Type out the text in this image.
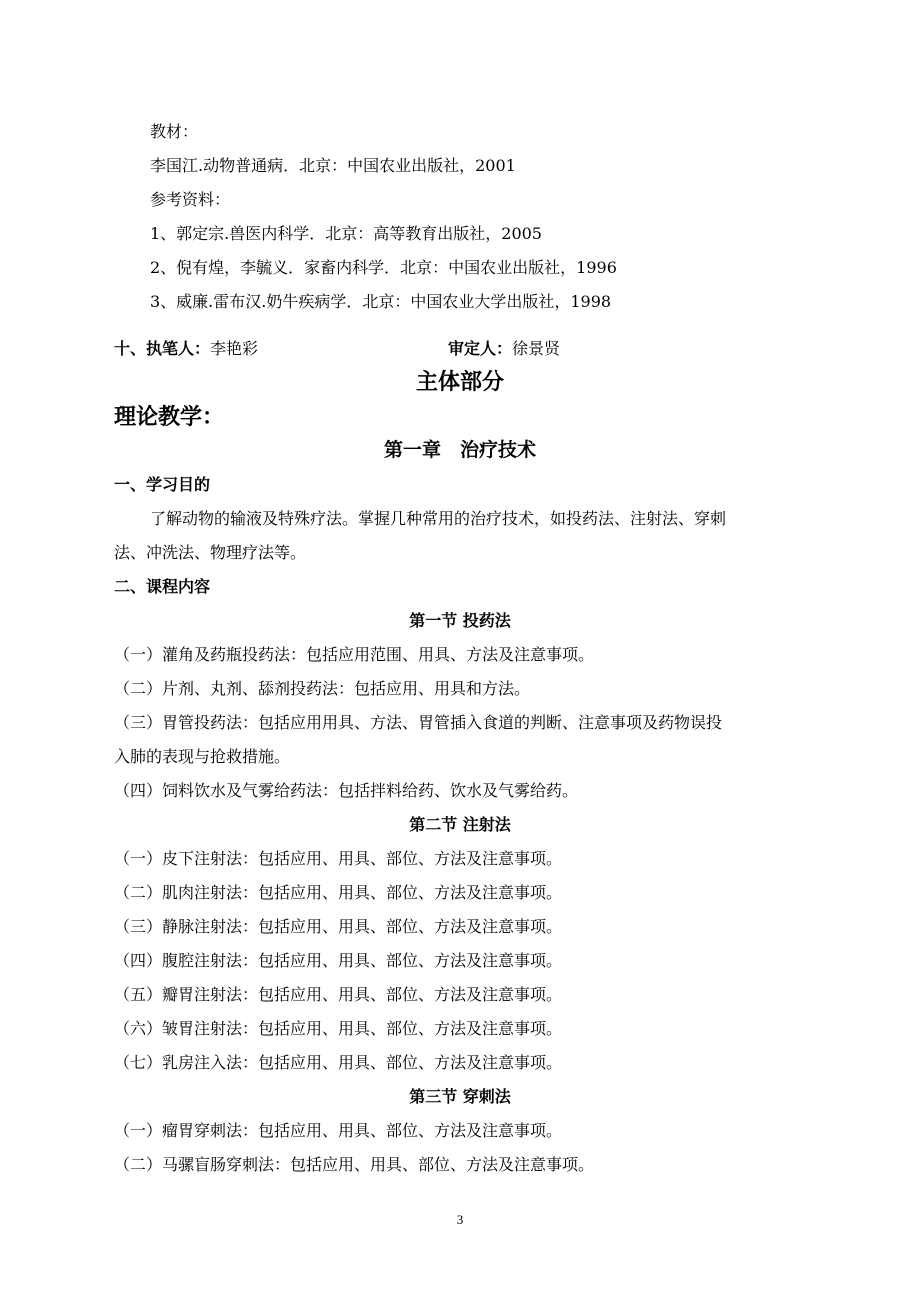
教材：
李国江.动物普通病．北京：中国农业出版社，2001
参考资料：
1、郭定宗.兽医内科学．北京：高等教育出版社，2005
2、倪有煌，李毓义．家畜内科学．北京：中国农业出版社，1996
3、威廉.雷布汉.奶牛疾病学．北京：中国农业大学出版社，1998
十、执笔人：李艳彩	审定人：徐景贤
主体部分
理论教学：
第一章　治疗技术
一、学习目的
了解动物的输液及特殊疗法。掌握几种常用的治疗技术，如投药法、注射法、穿刺
法、冲洗法、物理疗法等。
二、课程内容
第一节 投药法
（一）灌角及药瓶投药法：包括应用范围、用具、方法及注意事项。
（二）片剂、丸剂、舔剂投药法：包括应用、用具和方法。
（三）胃管投药法：包括应用用具、方法、胃管插入食道的判断、注意事项及药物误投
入肺的表现与抢救措施。
（四）饲料饮水及气雾给药法：包括拌料给药、饮水及气雾给药。
第二节 注射法
（一）皮下注射法：包括应用、用具、部位、方法及注意事项。
（二）肌肉注射法：包括应用、用具、部位、方法及注意事项。
（三）静脉注射法：包括应用、用具、部位、方法及注意事项。
（四）腹腔注射法：包括应用、用具、部位、方法及注意事项。
（五）瓣胃注射法：包括应用、用具、部位、方法及注意事项。
（六）皱胃注射法：包括应用、用具、部位、方法及注意事项。
（七）乳房注入法：包括应用、用具、部位、方法及注意事项。
第三节 穿刺法
（一）瘤胃穿刺法：包括应用、用具、部位、方法及注意事项。
（二）马骡盲肠穿刺法：包括应用、用具、部位、方法及注意事项。
3
